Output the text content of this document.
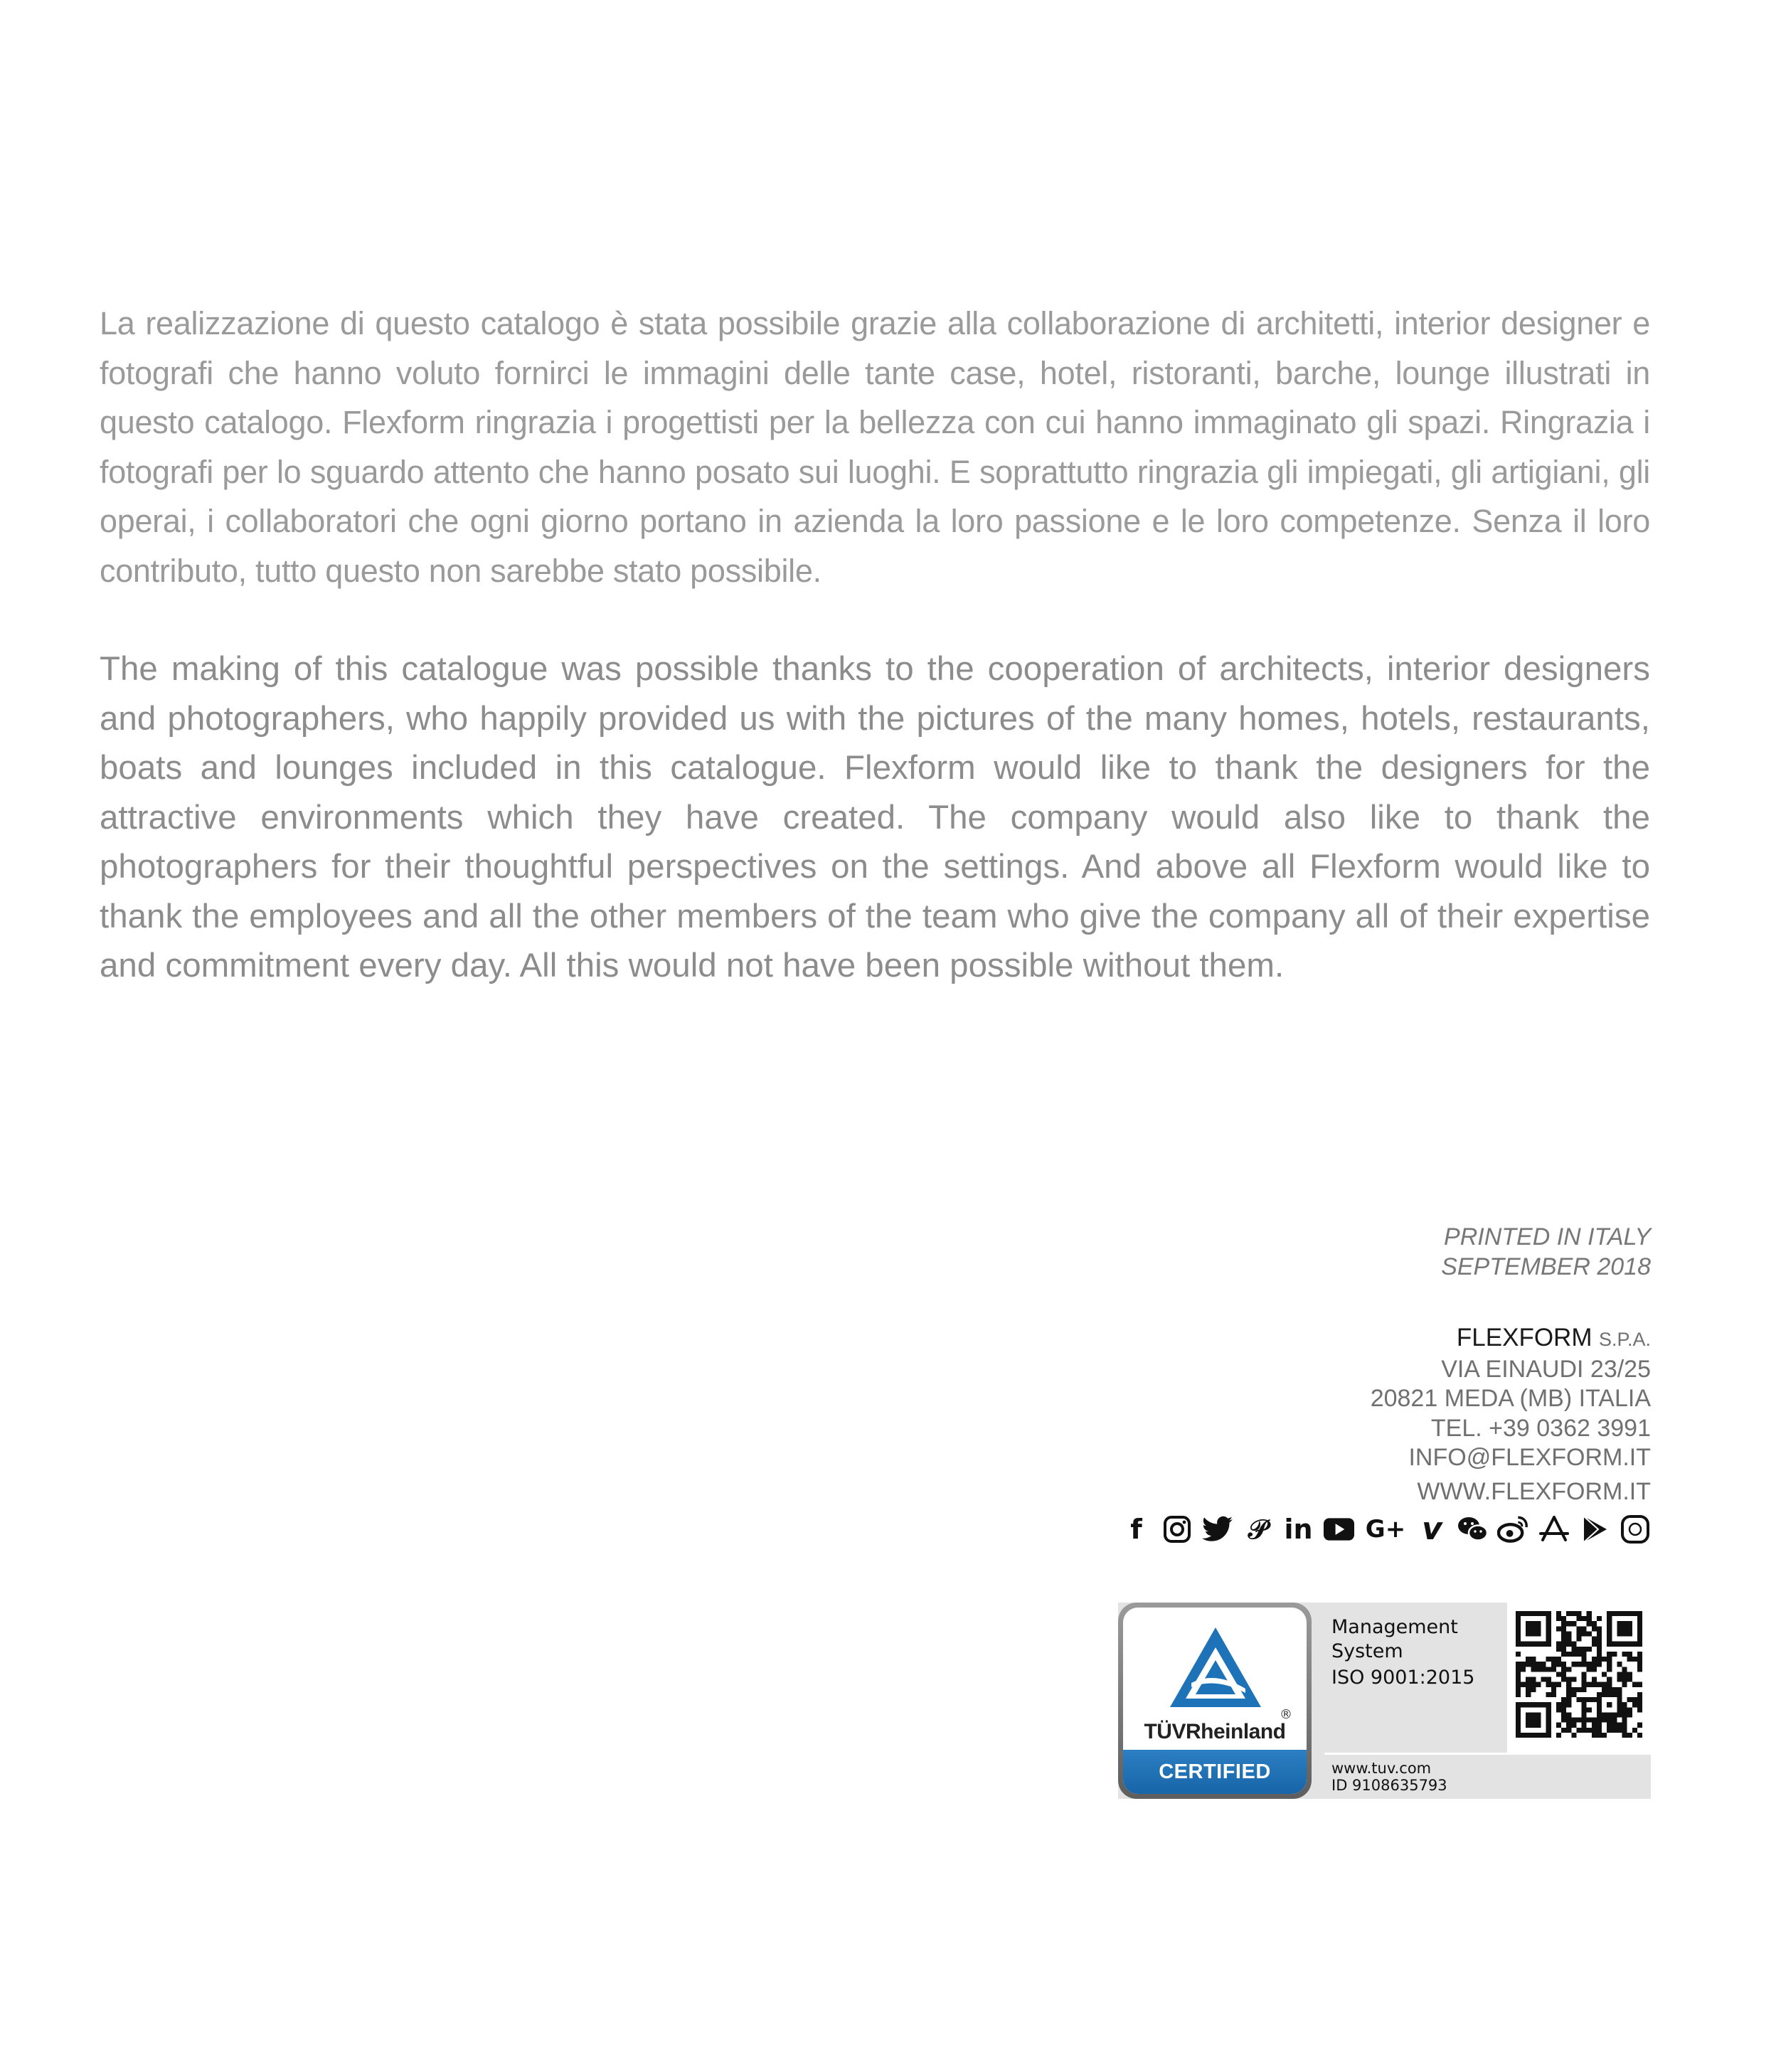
La realizzazione di questo catalogo è stata possibile grazie alla collaborazione di architetti, interior designer e fotografi che hanno voluto fornirci le immagini delle tante case, hotel, ristoranti, barche, lounge illustrati in questo catalogo. Flexform ringrazia i progettisti per la bellezza con cui hanno immaginato gli spazi. Ringrazia i fotografi per lo sguardo attento che hanno posato sui luoghi. E soprattutto ringrazia gli impiegati, gli artigiani, gli operai, i collaboratori che ogni giorno portano in azienda la loro passione e le loro competenze. Senza il loro contributo, tutto questo non sarebbe stato possibile.

The making of this catalogue was possible thanks to the cooperation of architects, interior designers and photographers, who happily provided us with the pictures of the many homes, hotels, restaurants, boats and lounges included in this catalogue. Flexform would like to thank the designers for the attractive environments which they have created. The company would also like to thank the photographers for their thoughtful perspectives on the settings. And above all Flexform would like to thank the employees and all the other members of the team who give the company all of their expertise and commitment every day. All this would not have been possible without them.

PRINTED IN ITALY
SEPTEMBER 2018
FLEXFORM S.P.A.
VIA EINAUDI 23/25
20821 MEDA (MB) ITALIA
TEL. +39 0362 3991
INFO@FLEXFORM.IT
WWW.FLEXFORM.IT
f	𝒫 in G+ v
TÜVRheinland
®
CERTIFIED
Management
System
ISO 9001:2015
www.tuv.com
ID 9108635793
